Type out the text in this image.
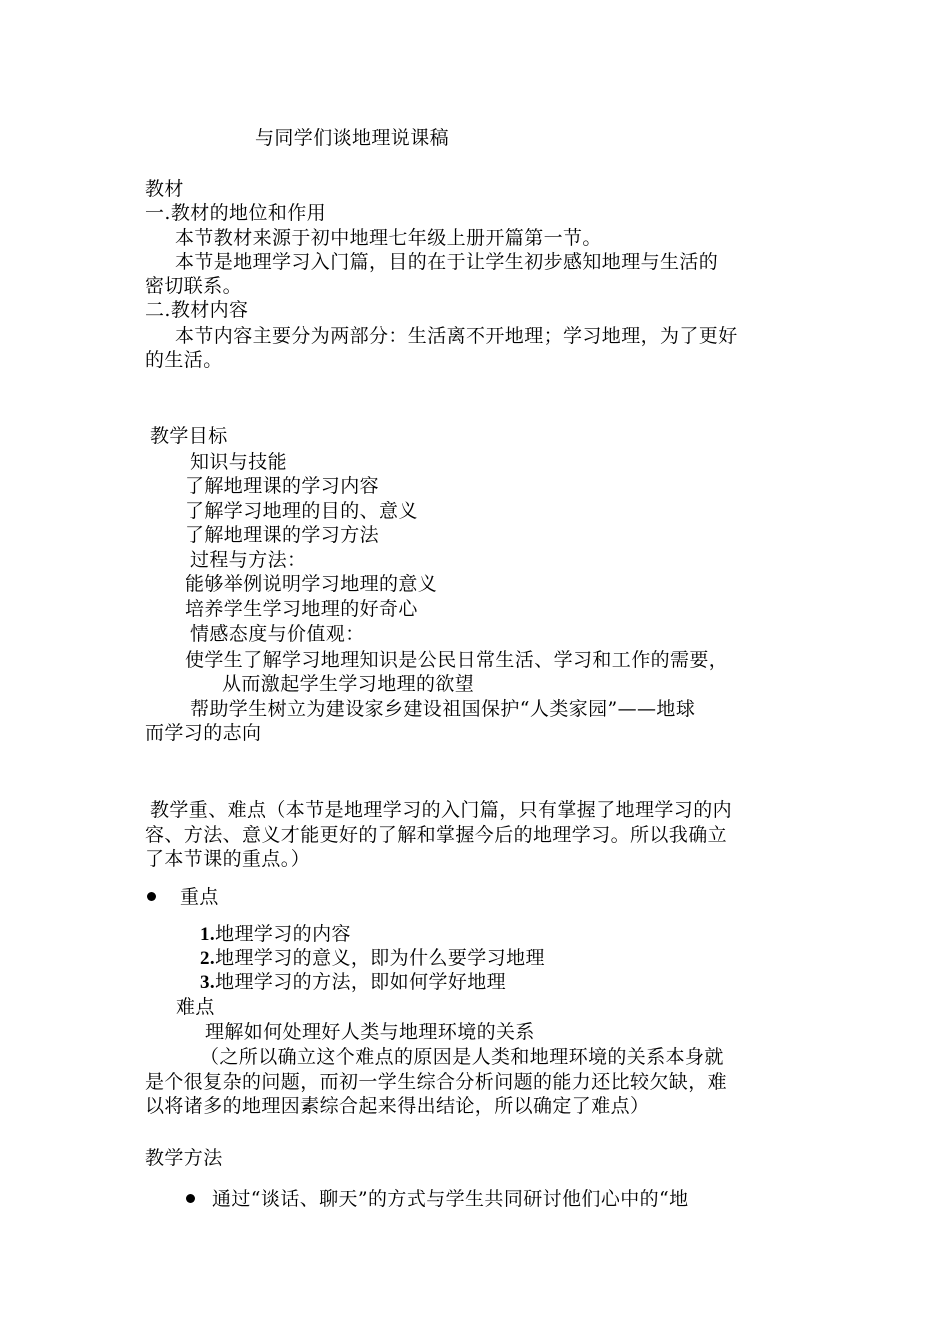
与同学们谈地理说课稿
教材
一.教材的地位和作用
本节教材来源于初中地理七年级上册开篇第一节。
本节是地理学习入门篇，目的在于让学生初步感知地理与生活的
密切联系。
二.教材内容
本节内容主要分为两部分：生活离不开地理；学习地理，为了更好
的生活。
教学目标
知识与技能
了解地理课的学习内容
了解学习地理的目的、意义
了解地理课的学习方法
过程与方法：
能够举例说明学习地理的意义
培养学生学习地理的好奇心
情感态度与价值观：
使学生了解学习地理知识是公民日常生活、学习和工作的需要，
从而激起学生学习地理的欲望
帮助学生树立为建设家乡建设祖国保护“人类家园”——地球
而学习的志向
教学重、难点（本节是地理学习的入门篇，只有掌握了地理学习的内
容、方法、意义才能更好的了解和掌握今后的地理学习。所以我确立
了本节课的重点。）
重点
1.地理学习的内容
2.地理学习的意义，即为什么要学习地理
3.地理学习的方法，即如何学好地理
难点
理解如何处理好人类与地理环境的关系
（之所以确立这个难点的原因是人类和地理环境的关系本身就
是个很复杂的问题，而初一学生综合分析问题的能力还比较欠缺，难
以将诸多的地理因素综合起来得出结论，所以确定了难点）
教学方法
通过“谈话、聊天”的方式与学生共同研讨他们心中的“地
